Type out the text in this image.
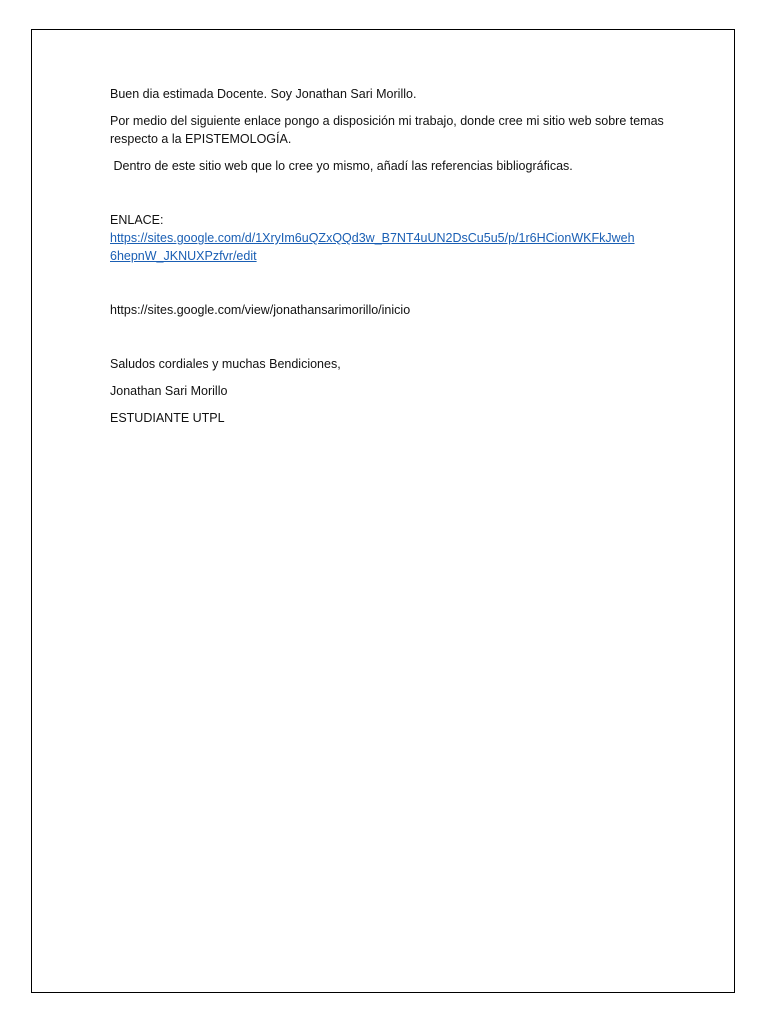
Buen dia estimada Docente. Soy Jonathan Sari Morillo.

Por medio del siguiente enlace pongo a disposición mi trabajo, donde cree mi sitio web sobre temas respecto a la EPISTEMOLOGÍA.

Dentro de este sitio web que lo cree yo mismo, añadí las referencias bibliográficas.

ENLACE:

https://sites.google.com/d/1XryIm6uQZxQQd3w_B7NT4uUN2DsCu5u5/p/1r6HCionWKFkJweh
6hepnW_JKNUXPzfvr/edit

https://sites.google.com/view/jonathansarimorillo/inicio

Saludos cordiales y muchas Bendiciones,

Jonathan Sari Morillo

ESTUDIANTE UTPL
